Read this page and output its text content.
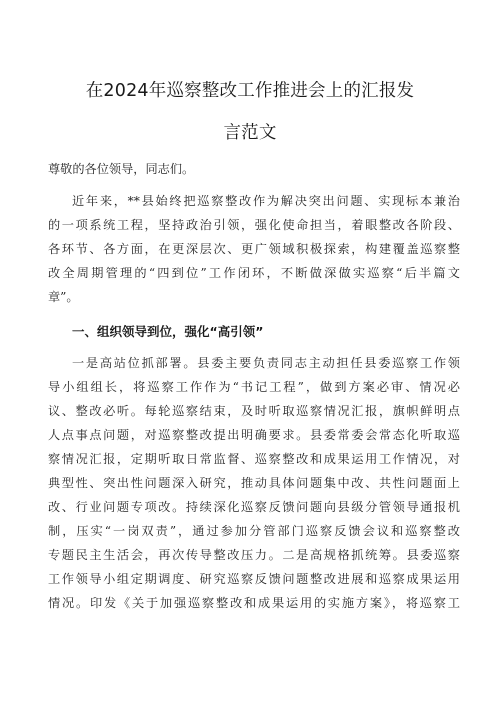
在2024年巡察整改工作推进会上的汇报发
言范文
尊敬的各位领导，同志们。
近年来，**县始终把巡察整改作为解决突出问题、实现标本兼治
的一项系统工程，坚持政治引领，强化使命担当，着眼整改各阶段、
各环节、各方面，在更深层次、更广领域积极探索，构建覆盖巡察整
改全周期管理的“四到位”工作闭环，不断做深做实巡察“后半篇文
章”。
一、组织领导到位，强化“高引领”
一是高站位抓部署。县委主要负责同志主动担任县委巡察工作领
导小组组长，将巡察工作作为“书记工程”，做到方案必审、情况必
议、整改必听。每轮巡察结束，及时听取巡察情况汇报，旗帜鲜明点
人点事点问题，对巡察整改提出明确要求。县委常委会常态化听取巡
察情况汇报，定期听取日常监督、巡察整改和成果运用工作情况，对
典型性、突出性问题深入研究，推动具体问题集中改、共性问题面上
改、行业问题专项改。持续深化巡察反馈问题向县级分管领导通报机
制，压实“一岗双责”，通过参加分管部门巡察反馈会议和巡察整改
专题民主生活会，再次传导整改压力。二是高规格抓统筹。县委巡察
工作领导小组定期调度、研究巡察反馈问题整改进展和巡察成果运用
情况。印发《关于加强巡察整改和成果运用的实施方案》，将巡察工
